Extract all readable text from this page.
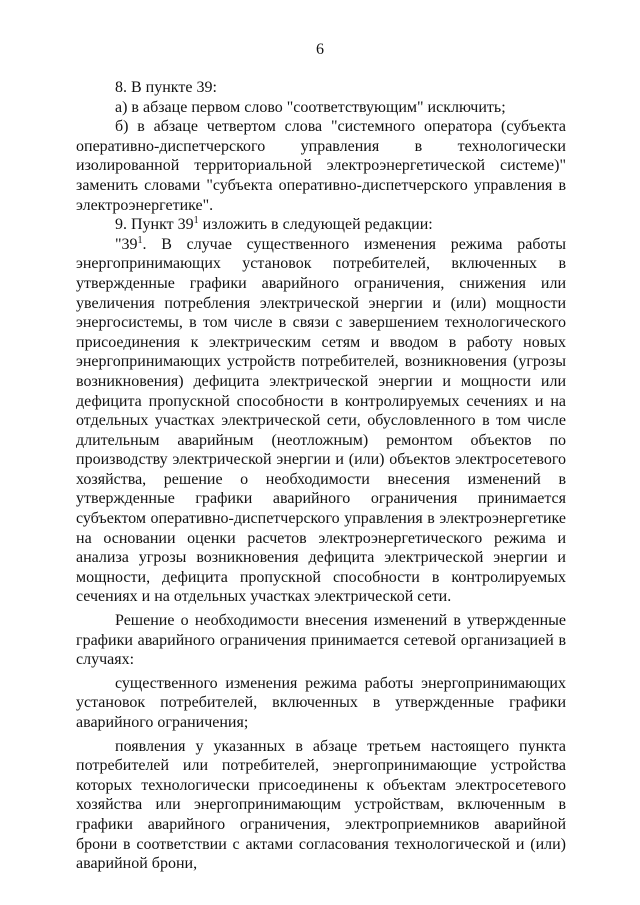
6

8. В пункте 39:

а) в абзаце первом слово "соответствующим" исключить;

б) в абзаце четвертом слова "системного оператора (субъекта оперативно-диспетчерского управления в технологически изолированной территориальной электроэнергетической системе)" заменить словами "субъекта оперативно-диспетчерского управления в электроэнергетике".

9. Пункт $39^1$ изложить в следующей редакции:

"$39^1$. В случае существенного изменения режима работы энергопринимающих установок потребителей, включенных в утвержденные графики аварийного ограничения, снижения или увеличения потребления электрической энергии и (или) мощности энергосистемы, в том числе в связи с завершением технологического присоединения к электрическим сетям и вводом в работу новых энергопринимающих устройств потребителей, возникновения (угрозы возникновения) дефицита электрической энергии и мощности или дефицита пропускной способности в контролируемых сечениях и на отдельных участках электрической сети, обусловленного в том числе длительным аварийным (неотложным) ремонтом объектов по производству электрической энергии и (или) объектов электросетевого хозяйства, решение о необходимости внесения изменений в утвержденные графики аварийного ограничения принимается субъектом оперативно-диспетчерского управления в электроэнергетике на основании оценки расчетов электроэнергетического режима и анализа угрозы возникновения дефицита электрической энергии и мощности, дефицита пропускной способности в контролируемых сечениях и на отдельных участках электрической сети.

Решение о необходимости внесения изменений в утвержденные графики аварийного ограничения принимается сетевой организацией в случаях:

существенного изменения режима работы энергопринимающих установок потребителей, включенных в утвержденные графики аварийного ограничения;

появления у указанных в абзаце третьем настоящего пункта потребителей или потребителей, энергопринимающие устройства которых технологически присоединены к объектам электросетевого хозяйства или энергопринимающим устройствам, включенным в графики аварийного ограничения, электроприемников аварийной брони в соответствии с актами согласования технологической и (или) аварийной брони,
